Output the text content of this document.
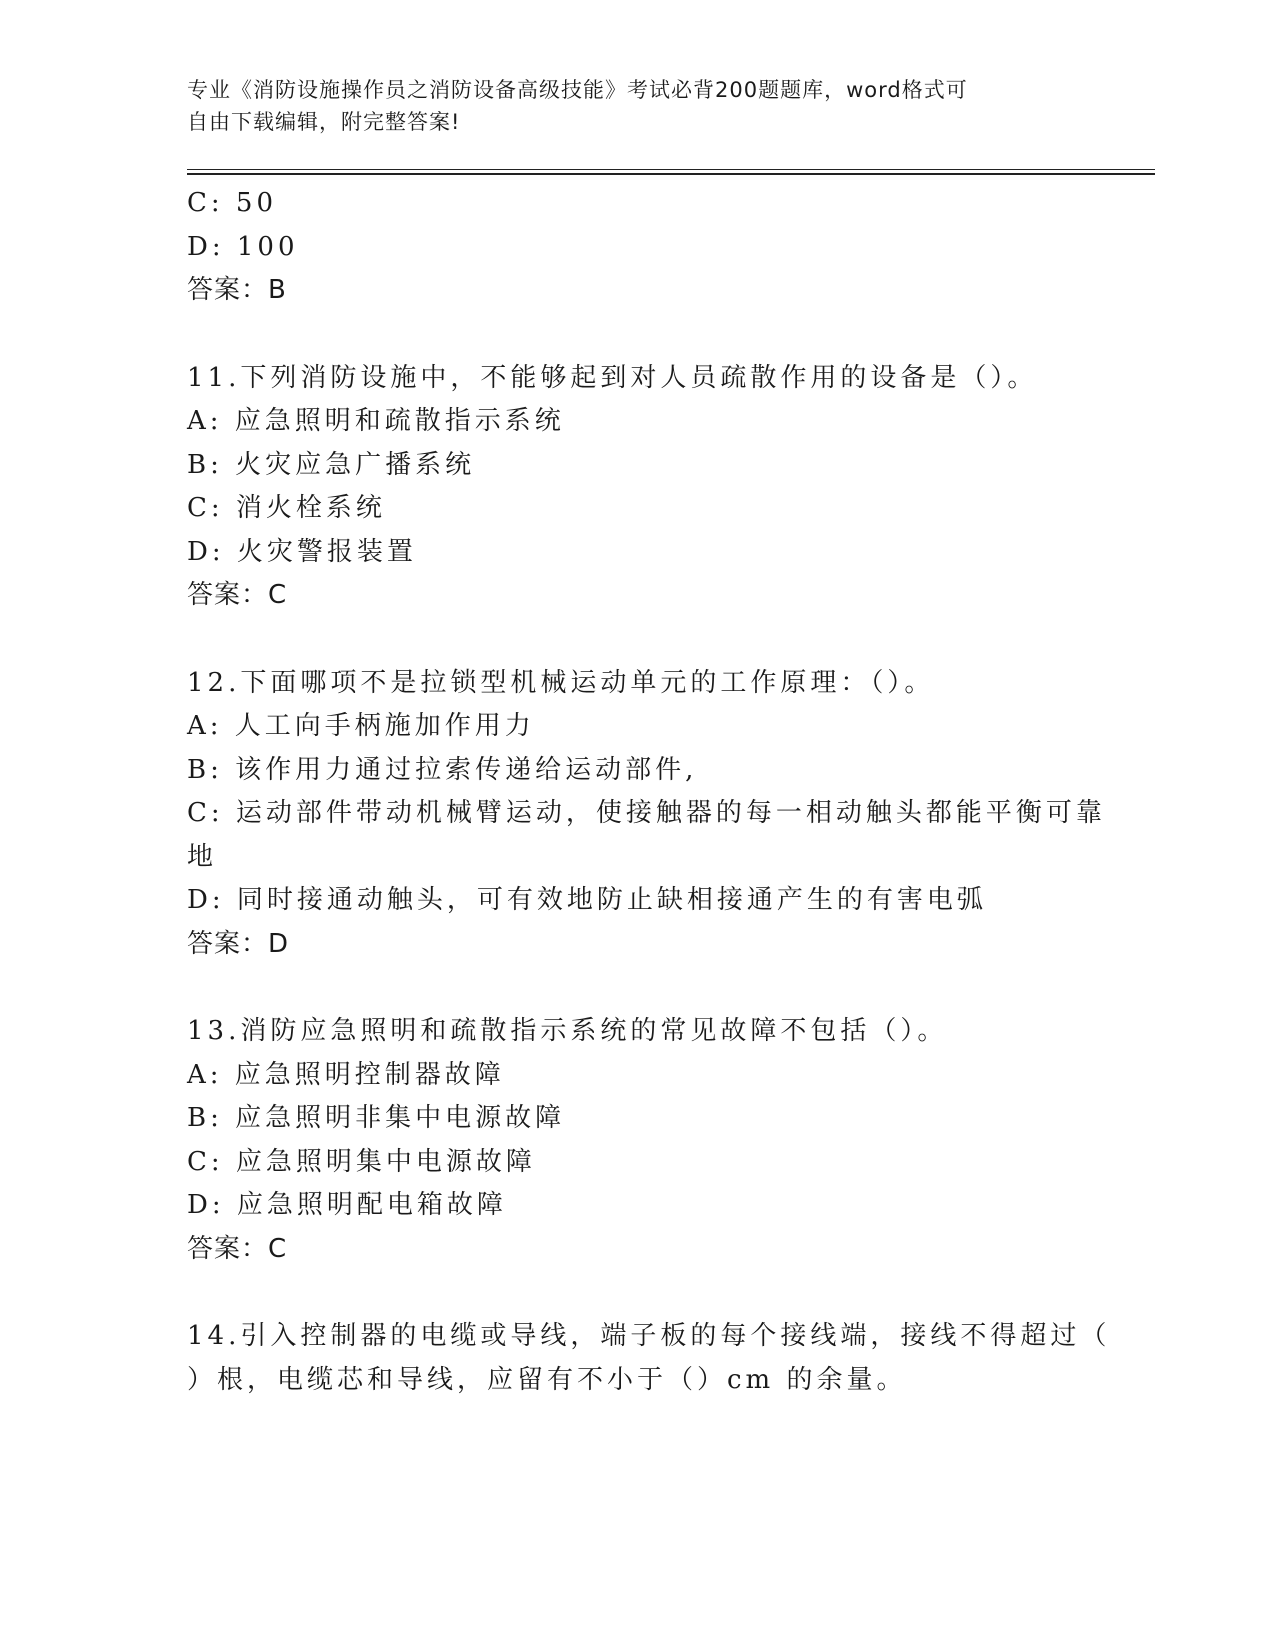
专业《消防设施操作员之消防设备高级技能》考试必背200题题库，word格式可
自由下载编辑，附完整答案!
C: 50
D: 100
答案：B
11.下列消防设施中，不能够起到对人员疏散作用的设备是（）。
A: 应急照明和疏散指示系统
B: 火灾应急广播系统
C: 消火栓系统
D: 火灾警报装置
答案：C
12.下面哪项不是拉锁型机械运动单元的工作原理：（）。
A: 人工向手柄施加作用力
B: 该作用力通过拉索传递给运动部件,
C: 运动部件带动机械臂运动，使接触器的每一相动触头都能平衡可靠
地
D: 同时接通动触头，可有效地防止缺相接通产生的有害电弧
答案：D
13.消防应急照明和疏散指示系统的常见故障不包括（）。
A: 应急照明控制器故障
B: 应急照明非集中电源故障
C: 应急照明集中电源故障
D: 应急照明配电箱故障
答案：C
14.引入控制器的电缆或导线，端子板的每个接线端，接线不得超过（
）根，电缆芯和导线，应留有不小于（）cm 的余量。
